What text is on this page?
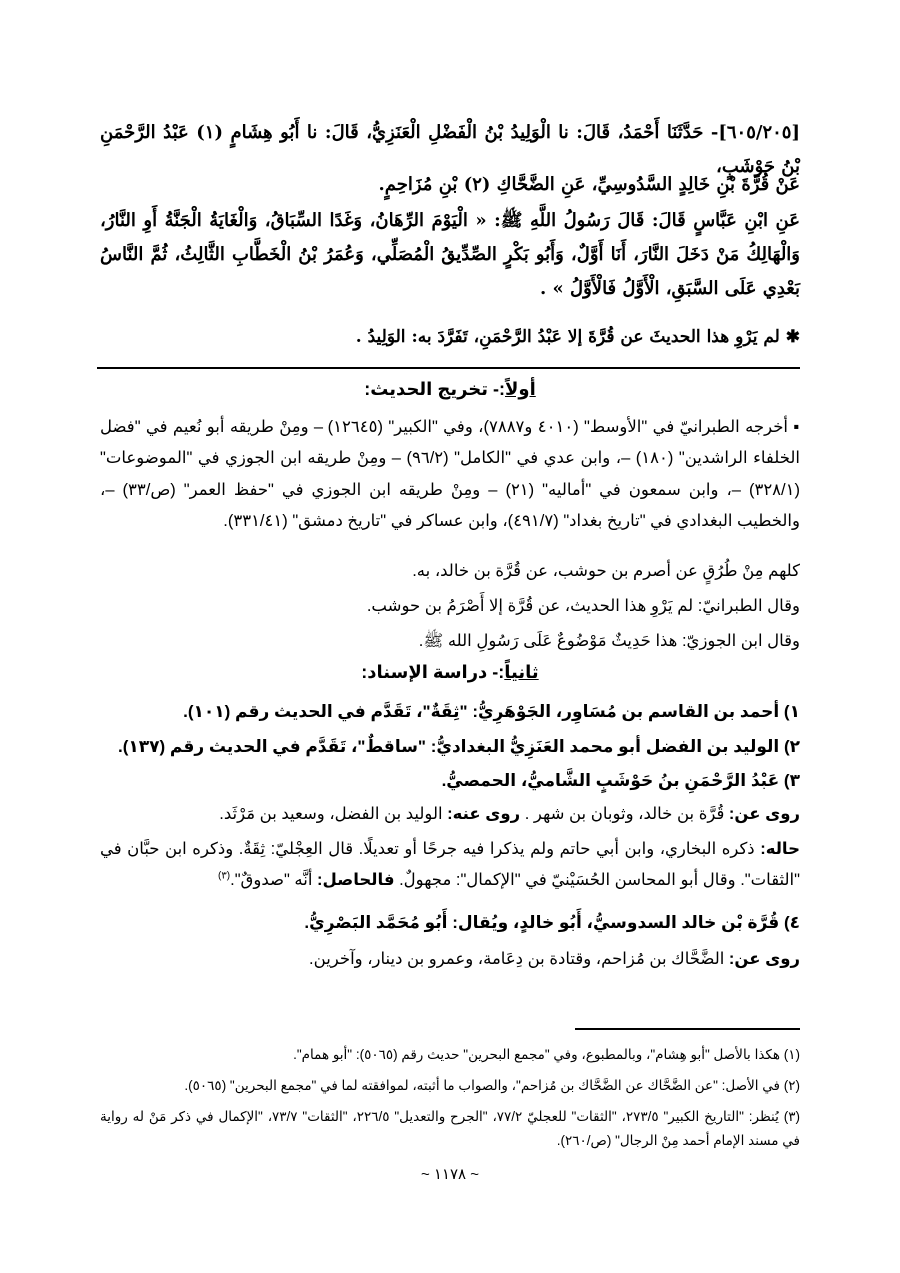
[٦٠٥/٢٠٥]- حَدَّثَنَا أَحْمَدُ، قَالَ: نا الْوَلِيدُ بْنُ الْفَضْلِ الْعَنَزِيُّ، قَالَ: نا أَبُو هِشَامٍ (١) عَبْدُ الرَّحْمَنِ بْنُ حَوْشَبٍ،

عَنْ قُرَّةَ بْنِ خَالِدٍ السَّدُوسِيِّ، عَنِ الضَّحَّاكِ (٢) بْنِ مُزَاحِمٍ.

عَنِ ابْنِ عَبَّاسٍ قَالَ: قَالَ رَسُولُ اللَّهِ ﷺ: « الْيَوْمَ الرِّهَانُ، وَغَدًا السِّبَاقُ، وَالْغَايَةُ الْجَنَّةُ أَوِ النَّارُ، وَالْهَالِكُ مَنْ دَخَلَ النَّارَ، أَنَا أَوَّلٌ، وَأَبُو بَكْرٍ الصِّدِّيقُ الْمُصَلِّي، وَعُمَرُ بْنُ الْخَطَّابِ الثَّالِثُ، ثُمَّ النَّاسُ بَعْدِي عَلَى السَّبَقِ، الْأَوَّلُ فَالْأَوَّلُ » .

✱ لم يَرْوِ هذا الحديثَ عن قُرَّةَ إلا عَبْدُ الرَّحْمَنِ، تَفَرَّدَ به: الوَلِيدُ .

أولاً:- تخريج الحديث:

▪ أخرجه الطبرانيّ في "الأوسط" (٤٠١٠ و٧٨٨٧)، وفي "الكبير" (١٢٦٤٥) – ومِنْ طريقه أبو نُعيم في "فضل الخلفاء الراشدين" (١٨٠) –، وابن عدي في "الكامل" (٩٦/٢) – ومِنْ طريقه ابن الجوزي في "الموضوعات" (٣٢٨/١) –، وابن سمعون في "أماليه" (٢١) – ومِنْ طريقه ابن الجوزي في "حفظ العمر" (ص/٣٣) –، والخطيب البغدادي في "تاريخ بغداد" (٤٩١/٧)، وابن عساكر في "تاريخ دمشق" (٣٣١/٤١).

كلهم مِنْ طُرُقٍ عن أصرم بن حوشب، عن قُرَّة بن خالد، به.

وقال الطبرانيّ: لم يَرْوِ هذا الحديث، عن قُرَّة إلا أَصْرَمُ بن حوشب.

وقال ابن الجوزيّ: هذا حَدِيثٌ مَوْضُوعٌ عَلَى رَسُولِ الله ﷺ.

ثانياً:- دراسة الإسناد:

١) أحمد بن القاسم بن مُسَاوِر، الجَوْهَرِيُّ: "ثِقَةٌ"، تَقَدَّم في الحديث رقم (١٠١).

٢) الوليد بن الفضل أبو محمد العَنَزِيُّ البغداديُّ: "ساقطٌ"، تَقَدَّم في الحديث رقم (١٣٧).

٣) عَبْدُ الرَّحْمَنِ بنُ حَوْشَبٍ الشَّاميُّ، الحمصيُّ.

روى عن: قُرَّة بن خالد، وثوبان بن شهر . روى عنه: الوليد بن الفضل، وسعيد بن مَرْثَد.

حاله: ذكره البخاري، وابن أبي حاتم ولم يذكرا فيه جرحًا أو تعديلًا. قال العِجْليّ: ثِقَةٌ. وذكره ابن حبَّان في "الثقات". وقال أبو المحاسن الحُسَيْنيّ في "الإكمال": مجهولٌ. فالحاصل: أنَّه "صدوقٌ".$^{(٣)}$

٤) قُرَّة بْن خالد السدوسيُّ، أَبُو خالدٍ، ويُقال: أَبُو مُحَمَّد البَصْرِيُّ.

روى عن: الضَّحَّاك بن مُزاحم، وقتادة بن دِعَامة، وعمرو بن دينار، وآخرين.

(١) هكذا بالأصل "أبو هِشام"، وبالمطبوع، وفي "مجمع البحرين" حديث رقم (٥٠٦٥): "أبو همام".

(٢) في الأصل: "عن الضَّحَّاك عن الضَّحَّاك بن مُزاحم"، والصواب ما أثبته، لموافقته لما في "مجمع البحرين" (٥٠٦٥).

(٣) يُنظر: "التاريخ الكبير" ٢٧٣/٥، "الثقات" للعجليّ ٧٧/٢، "الجرح والتعديل" ٢٢٦/٥، "الثقات" ٧٣/٧، "الإكمال في ذكر مَنْ له رواية في مسند الإمام أحمد مِنْ الرجال" (ص/٢٦٠).

~ ١١٧٨ ~
